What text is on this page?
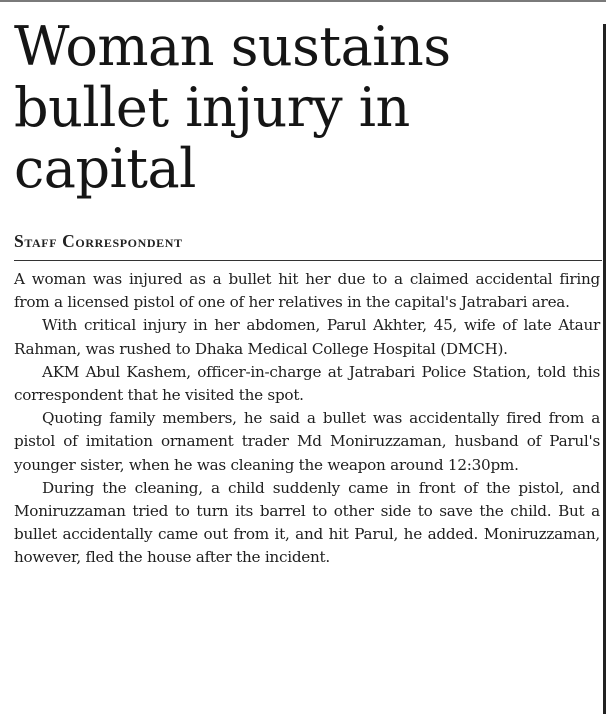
Woman sustains bullet injury in capital
Staff Correspondent

A woman was injured as a bullet hit her due to a claimed accidental firing from a licensed pistol of one of her relatives in the capital's Jatrabari area.

With critical injury in her abdomen, Parul Akhter, 45, wife of late Ataur Rahman, was rushed to Dhaka Medical College Hospital (DMCH).

AKM Abul Kashem, officer-in-charge at Jatrabari Police Station, told this correspondent that he visited the spot.

Quoting family members, he said a bullet was accidentally fired from a pistol of imitation ornament trader Md Moniruzzaman, husband of Parul's younger sister, when he was cleaning the weapon around 12:30pm.

During the cleaning, a child suddenly came in front of the pistol, and Moniruzzaman tried to turn its barrel to other side to save the child. But a bullet accidentally came out from it, and hit Parul, he added. Moniruzzaman, however, fled the house after the incident.
